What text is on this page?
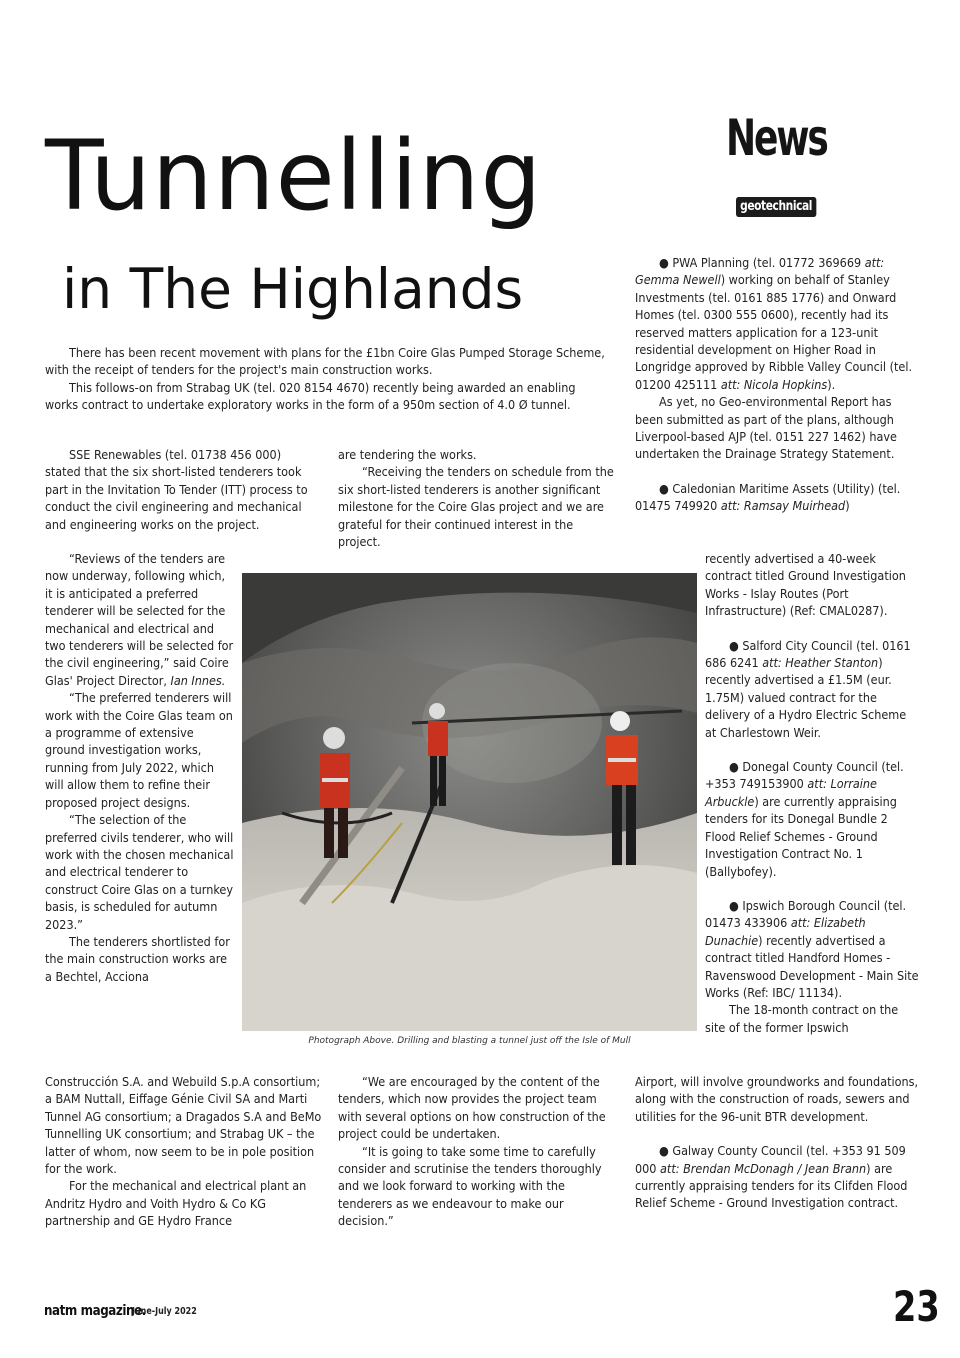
News
geotechnical
Tunnelling
in The Highlands

There has been recent movement with plans for the £1bn Coire Glas Pumped Storage Scheme, with the receipt of tenders for the project's main construction works.

This follows-on from Strabag UK (tel. 020 8154 4670) recently being awarded an enabling works contract to undertake exploratory works in the form of a 950m section of 4.0 Ø tunnel.

SSE Renewables (tel. 01738 456 000) stated that the six short-listed tenderers took part in the Invitation To Tender (ITT) process to conduct the civil engineering and mechanical and engineering works on the project.

“Reviews of the tenders are now underway, following which, it is anticipated a preferred tenderer will be selected for the mechanical and electrical and two tenderers will be selected for the civil engineering,” said Coire Glas' Project Director, Ian Innes.

“The preferred tenderers will work with the Coire Glas team on a programme of extensive ground investigation works, running from July 2022, which will allow them to refine their proposed project designs.

“The selection of the preferred civils tenderer, who will work with the chosen mechanical and electrical tenderer to construct Coire Glas on a turnkey basis, is scheduled for autumn 2023.”

The tenderers shortlisted for the main construction works are a Bechtel, Acciona

Construcción S.A. and Webuild S.p.A consortium; a BAM Nuttall, Eiffage Génie Civil SA and Marti Tunnel AG consortium; a Dragados S.A and BeMo Tunnelling UK consortium; and Strabag UK – the latter of whom, now seem to be in pole position for the work.

For the mechanical and electrical plant an Andritz Hydro and Voith Hydro & Co KG partnership and GE Hydro France

are tendering the works.

“Receiving the tenders on schedule from the six short-listed tenderers is another significant milestone for the Coire Glas project and we are grateful for their continued interest in the project.

“We are encouraged by the content of the tenders, which now provides the project team with several options on how construction of the project could be undertaken.

“It is going to take some time to carefully consider and scrutinise the tenders thoroughly and we look forward to working with the tenderers as we endeavour to make our decision.”

Photograph Above. Drilling and blasting a tunnel just off the Isle of Mull

● PWA Planning (tel. 01772 369669 att: Gemma Newell) working on behalf of Stanley Investments (tel. 0161 885 1776) and Onward Homes (tel. 0300 555 0600), recently had its reserved matters application for a 123-unit residential development on Higher Road in Longridge approved by Ribble Valley Council (tel. 01200 425111 att: Nicola Hopkins).

As yet, no Geo-environmental Report has been submitted as part of the plans, although Liverpool-based AJP (tel. 0151 227 1462) have undertaken the Drainage Strategy Statement.

● Caledonian Maritime Assets (Utility) (tel. 01475 749920 att: Ramsay Muirhead)

recently advertised a 40-week contract titled Ground Investigation Works - Islay Routes (Port Infrastructure) (Ref: CMAL0287).

● Salford City Council (tel. 0161 686 6241 att: Heather Stanton) recently advertised a £1.5M (eur. 1.75M) valued contract for the delivery of a Hydro Electric Scheme at Charlestown Weir.

● Donegal County Council (tel. +353 749153900 att: Lorraine Arbuckle) are currently appraising tenders for its Donegal Bundle 2 Flood Relief Schemes - Ground Investigation Contract No. 1 (Ballybofey).

● Ipswich Borough Council (tel. 01473 433906 att: Elizabeth Dunachie) recently advertised a contract titled Handford Homes - Ravenswood Development - Main Site Works (Ref: IBC/ 11134).

The 18-month contract on the site of the former Ipswich

Airport, will involve groundworks and foundations, along with the construction of roads, sewers and utilities for the 96-unit BTR development.

● Galway County Council (tel. +353 91 509 000 att: Brendan McDonagh / Jean Brann) are currently appraising tenders for its Clifden Flood Relief Scheme - Ground Investigation contract.

natm magazine.
June-July 2022	23
